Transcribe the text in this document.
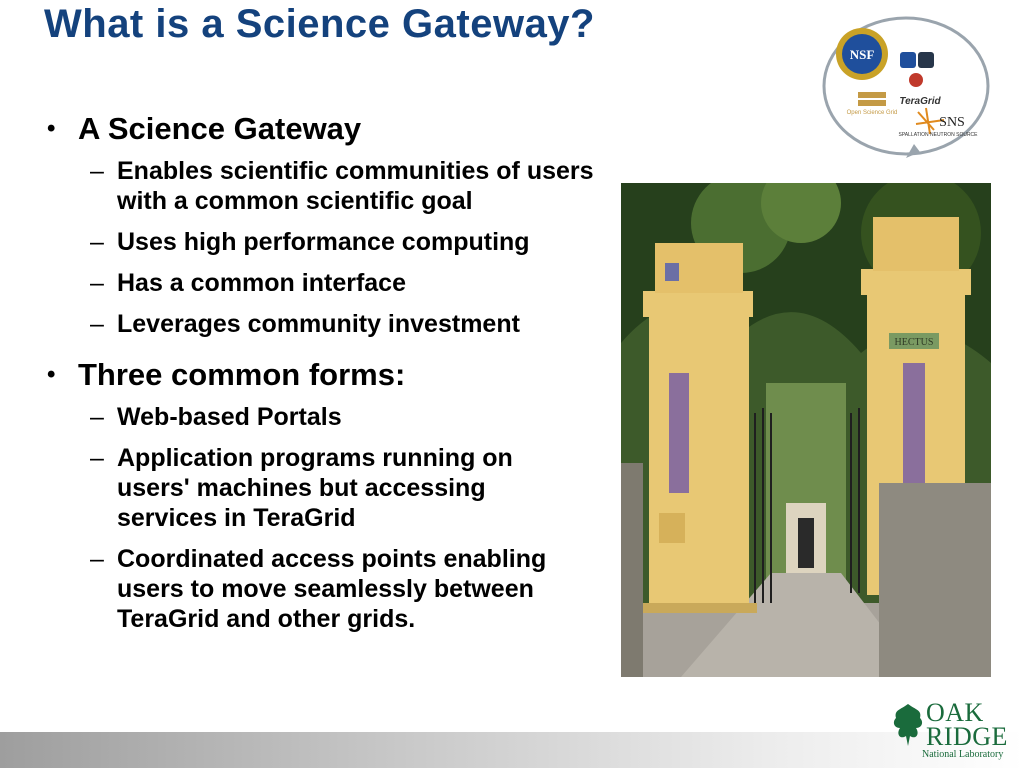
What is a Science Gateway?
• A Science Gateway
– Enables scientific communities of users with a common scientific goal
– Uses high performance computing
– Has a common interface
– Leverages community investment
• Three common forms:
– Web-based Portals
– Application programs running on users' machines but accessing services in TeraGrid
– Coordinated access points enabling users to move seamlessly between TeraGrid and other grids.
NSF
Open Science Grid
TeraGrid
SNS
SPALLATION NEUTRON SOURCE
HECTUS
OAK
RIDGE
National Laboratory
